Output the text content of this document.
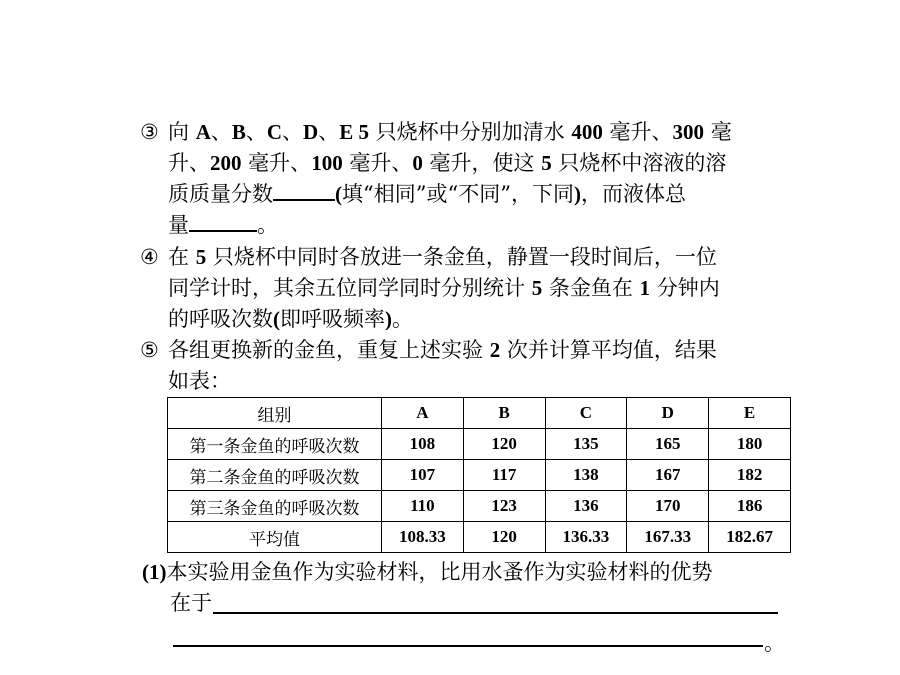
③ 向 A、B、C、D、E 5 只烧杯中分别加清水 400 毫升、300 毫
升、200 毫升、100 毫升、0 毫升，使这 5 只烧杯中溶液的溶
质质量分数	(填“相同”或“不同”，下同)，而液体总
量	。
④ 在 5 只烧杯中同时各放进一条金鱼，静置一段时间后，一位
同学计时，其余五位同学同时分别统计 5 条金鱼在 1 分钟内
的呼吸次数(即呼吸频率)。
⑤ 各组更换新的金鱼，重复上述实验 2 次并计算平均值，结果
如表：
组别	A	B	C	D	E
第一条金鱼的呼吸次数	108	120	135	165	180
第二条金鱼的呼吸次数	107	117	138	167	182
第三条金鱼的呼吸次数	110	123	136	170	186
平均值	108.33	120	136.33	167.33	182.67
(1)本实验用金鱼作为实验材料，比用水蚤作为实验材料的优势
在于
。
